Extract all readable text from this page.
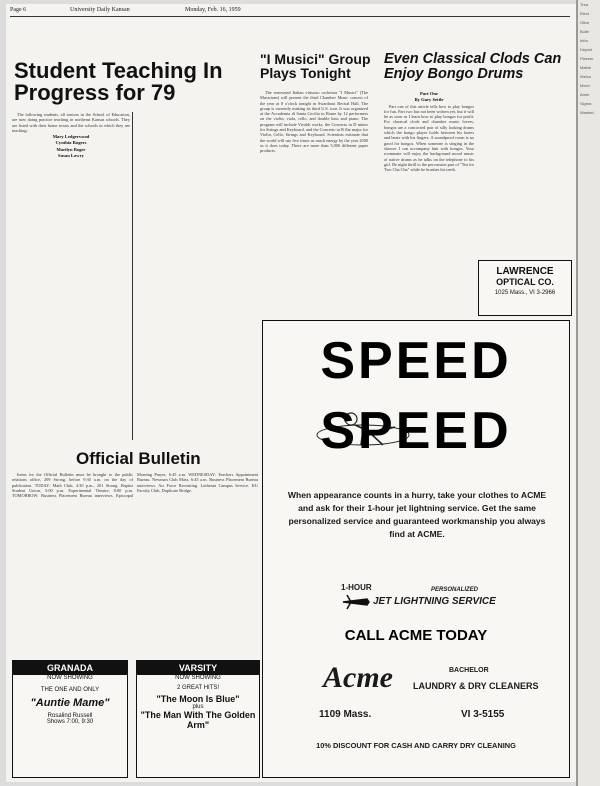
Page 6	University Daily Kansan	Monday, Feb. 16, 1959
Student Teaching In Progress for 79

The following students, all seniors in the School of Education, are now doing practice teaching in northeast Kansas schools. They are listed with their home towns and the schools in which they are teaching:

Mary Ledgerwood
Cynthia Rogers
Marilyn Boger
Susan Lowry
"I Musici" Group Plays Tonight

The renowned Italian virtuoso orchestra "I Musici" (The Musicians) will present the third Chamber Music concert of the year at 8 o'clock tonight in Swarthout Recital Hall. The group is currently making its third U.S. tour. It was organized at the Accademia di Santa Cecilia in Rome by 12 performers on the violin, viola, cello, and double bass and piano. The program will include Vivaldi works, the Concerto in D minor for Strings and Keyboard, and the Concerto in B flat major for Violin, Cello, Strings and Keyboard. Scientists estimate that the world will use five times as much energy by the year 2000 as it does today. There are more than 5,000 different paper products.

Even Classical Clods Can Enjoy Bongo Drums
Part One
By Gary Settle

Part one of this article tells how to play bongos for fun. Part two has not been written yet, but it will be as soon as I learn how to play bongos for profit. For classical clods and chamber music lovers, bongos are a concocted pair of silly looking drums which the bongo player holds between his knees and beats with his fingers. A soundproof room is no good for bongos. When someone is singing in the shower I can accompany him with bongos. Your roommate will enjoy the background mood music of native drums as he talks on the telephone to his girl. Be night thrill to the percussion part of "Tea for Two Cha Cha" while he brushes his teeth.

LAWRENCE
OPTICAL CO.
1025 Mass., VI 3-2966
Official Bulletin

Items for the Official Bulletin must be brought to the public relations office, 209 Strong, before 9:30 a.m. on the day of publication. TODAY: Math Club, 4:30 p.m., 201 Strong. Baptist Student Union, 5:00 p.m. Experimental Theatre, 8:00 p.m. TOMORROW: Business Placement Bureau interviews. Episcopal Morning Prayer, 6:45 a.m. WEDNESDAY: Teachers Appointment Bureau. Newman Club Mass, 6:45 a.m. Business Placement Bureau interviews. Air Force Recruiting. Lutheran Campus Service. KU Faculty Club, Duplicate Bridge.

GRANADA
NOW SHOWING
THE ONE AND ONLY
"Auntie Mame"
Rosalind Russell
Shows 7:00, 9:30
VARSITY
NOW SHOWING
2 GREAT HITS!
"The Moon Is Blue"
plus
"The Man With The Golden Arm"
SPEED
SPEED
When appearance counts in a hurry, take your clothes to ACME and ask for their 1-hour jet lightning service. Get the same personalized service and guaranteed workmanship you always find at ACME.
1-HOUR	PERSONALIZED
JET LIGHTNING SERVICE
CALL ACME TODAY
Acme	BACHELOR
LAUNDRY & DRY CLEANERS
1109 Mass.	VI 3-5155
10% DISCOUNT FOR CASH AND CARRY DRY CLEANING
Trea
Elect
Ofice
Bulle
Infor
Depart
Placem
Mathe
Welco
Mech
Amer
Sigma
Wanted
